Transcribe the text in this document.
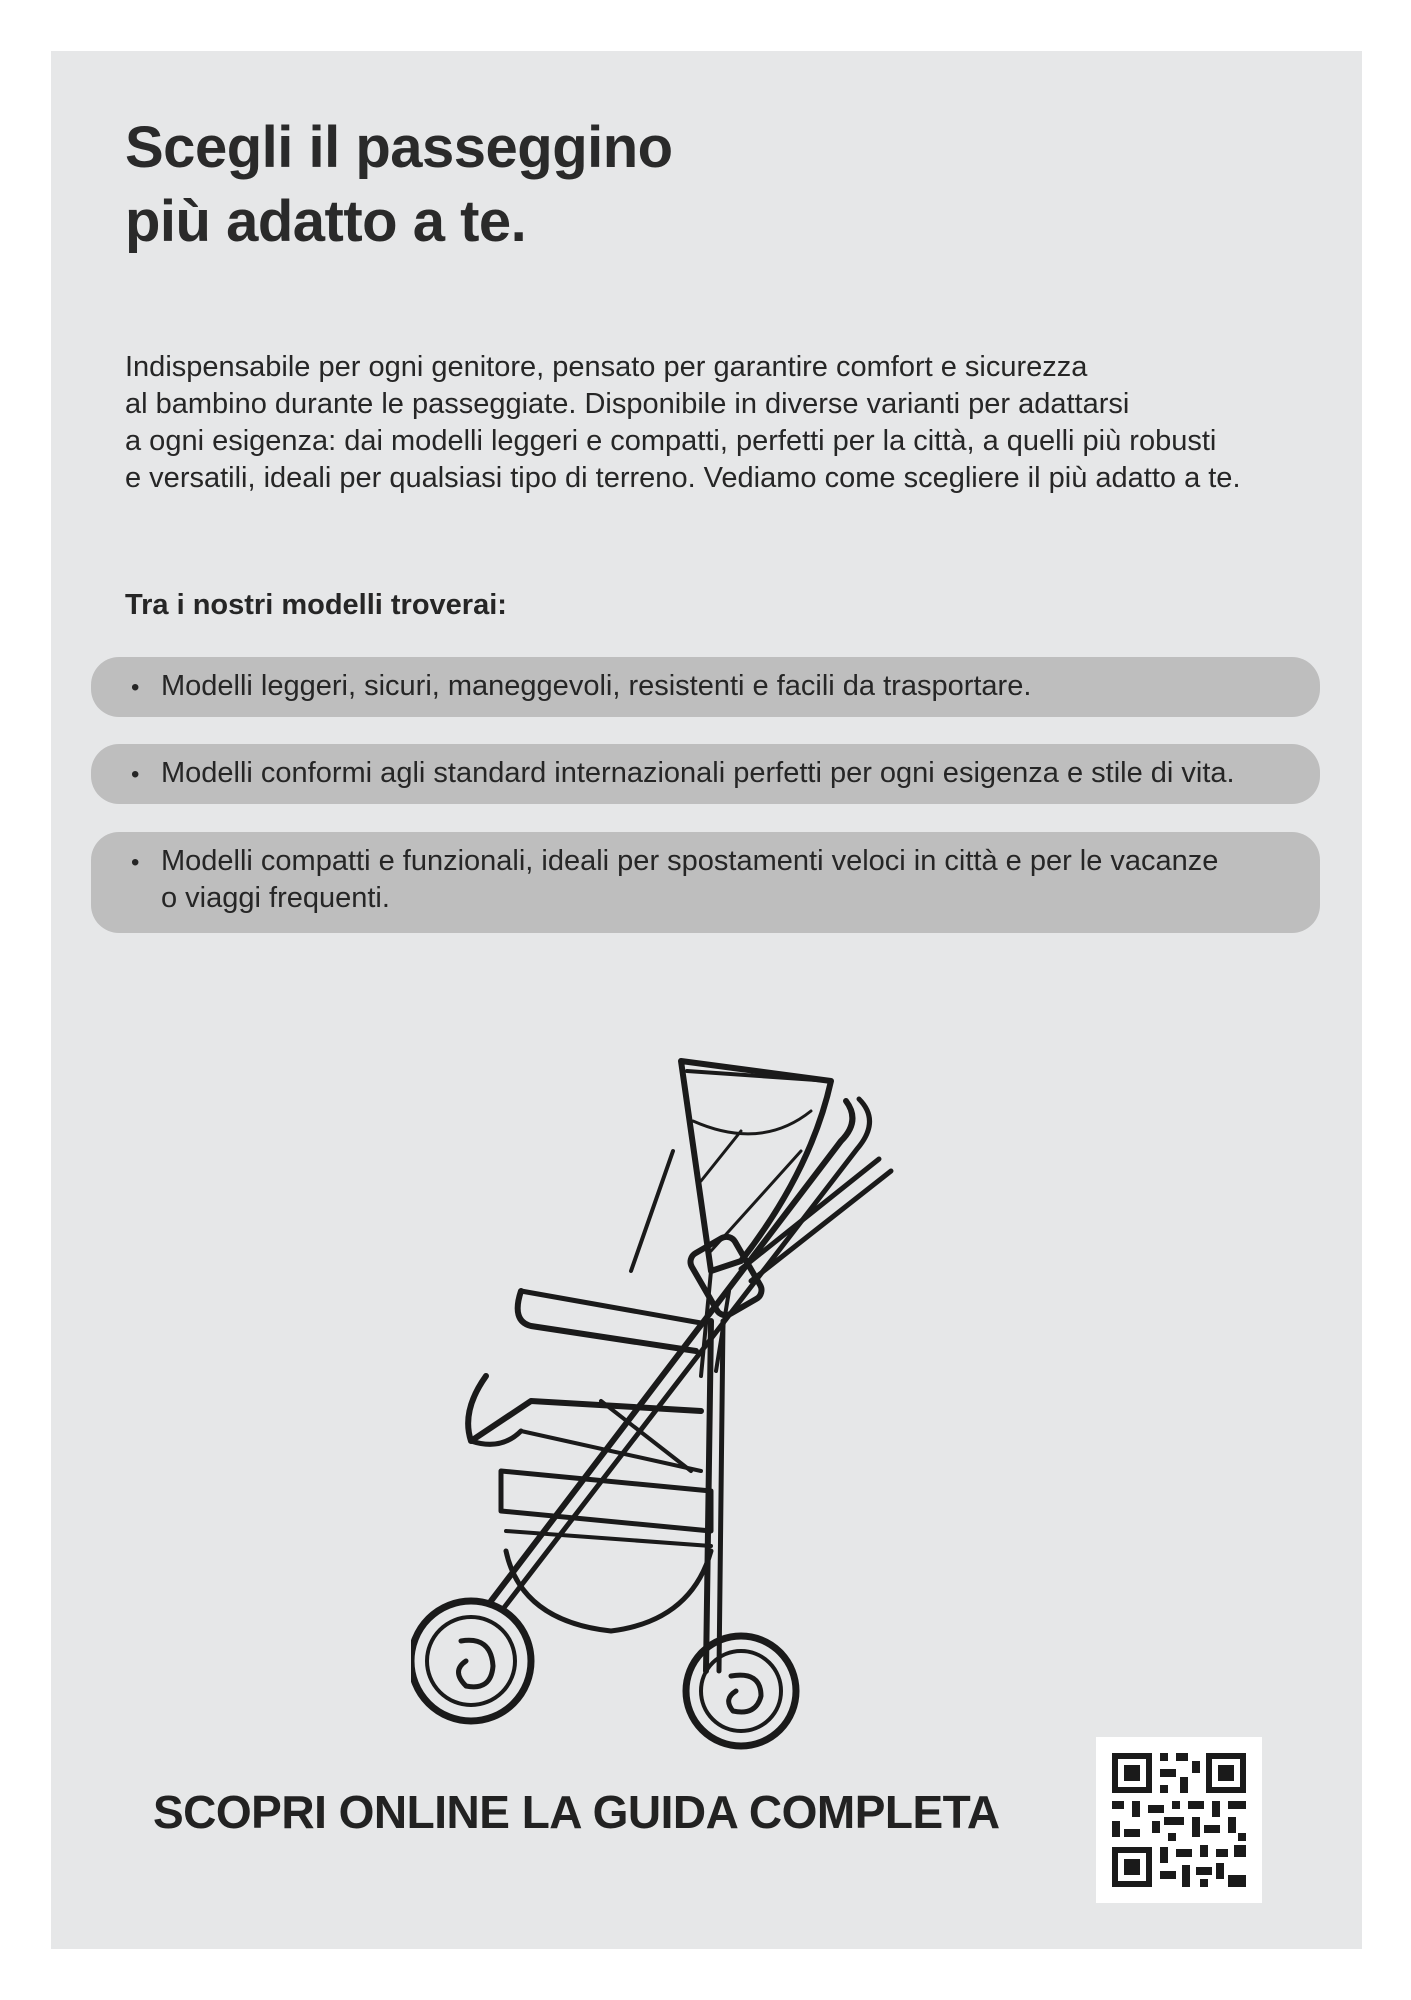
Scegli il passeggino
più adatto a te.

Indispensabile per ogni genitore, pensato per garantire comfort e sicurezza
al bambino durante le passeggiate. Disponibile in diverse varianti per adattarsi
a ogni esigenza: dai modelli leggeri e compatti, perfetti per la città, a quelli più robusti
e versatili, ideali per qualsiasi tipo di terreno. Vediamo come scegliere il più adatto a te.

Tra i nostri modelli troverai:
• Modelli leggeri, sicuri, maneggevoli, resistenti e facili da trasportare.
• Modelli conformi agli standard internazionali perfetti per ogni esigenza e stile di vita.
• Modelli compatti e funzionali, ideali per spostamenti veloci in città e per le vacanze
o viaggi frequenti.

SCOPRI ONLINE LA GUIDA COMPLETA
